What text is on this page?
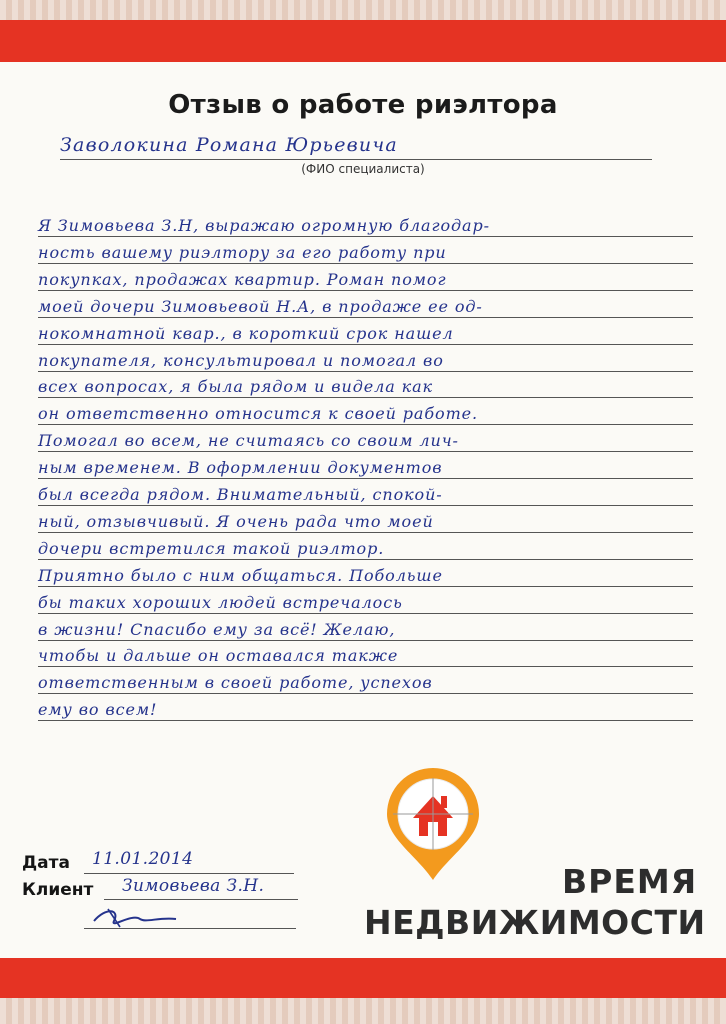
Отзыв о работе риэлтора
Заволокина Романа Юрьевича
(ФИО специалиста)
Я Зимовьева З.Н, выражаю огромную благодар-
ность вашему риэлтору за его работу при
покупках, продажах квартир. Роман помог
моей дочери Зимовьевой Н.А, в продаже ее од-
нокомнатной квар., в короткий срок нашел
покупателя, консультировал и помогал во
всех вопросах, я была рядом и видела как
он ответственно относится к своей работе.
Помогал во всем, не считаясь со своим лич-
ным временем. В оформлении документов
был всегда рядом. Внимательный, спокой-
ный, отзывчивый. Я очень рада что моей
дочери встретился такой риэлтор.
Приятно было с ним общаться. Побольше
бы таких хороших людей встречалось
в жизни! Спасибо ему за всё! Желаю,
чтобы и дальше он оставался также
ответственным в своей работе, успехов
ему во всем!
Дата 11.01.2014
Клиент Зимовьева З.Н.	ВРЕМЯ
НЕДВИЖИМОСТИ
